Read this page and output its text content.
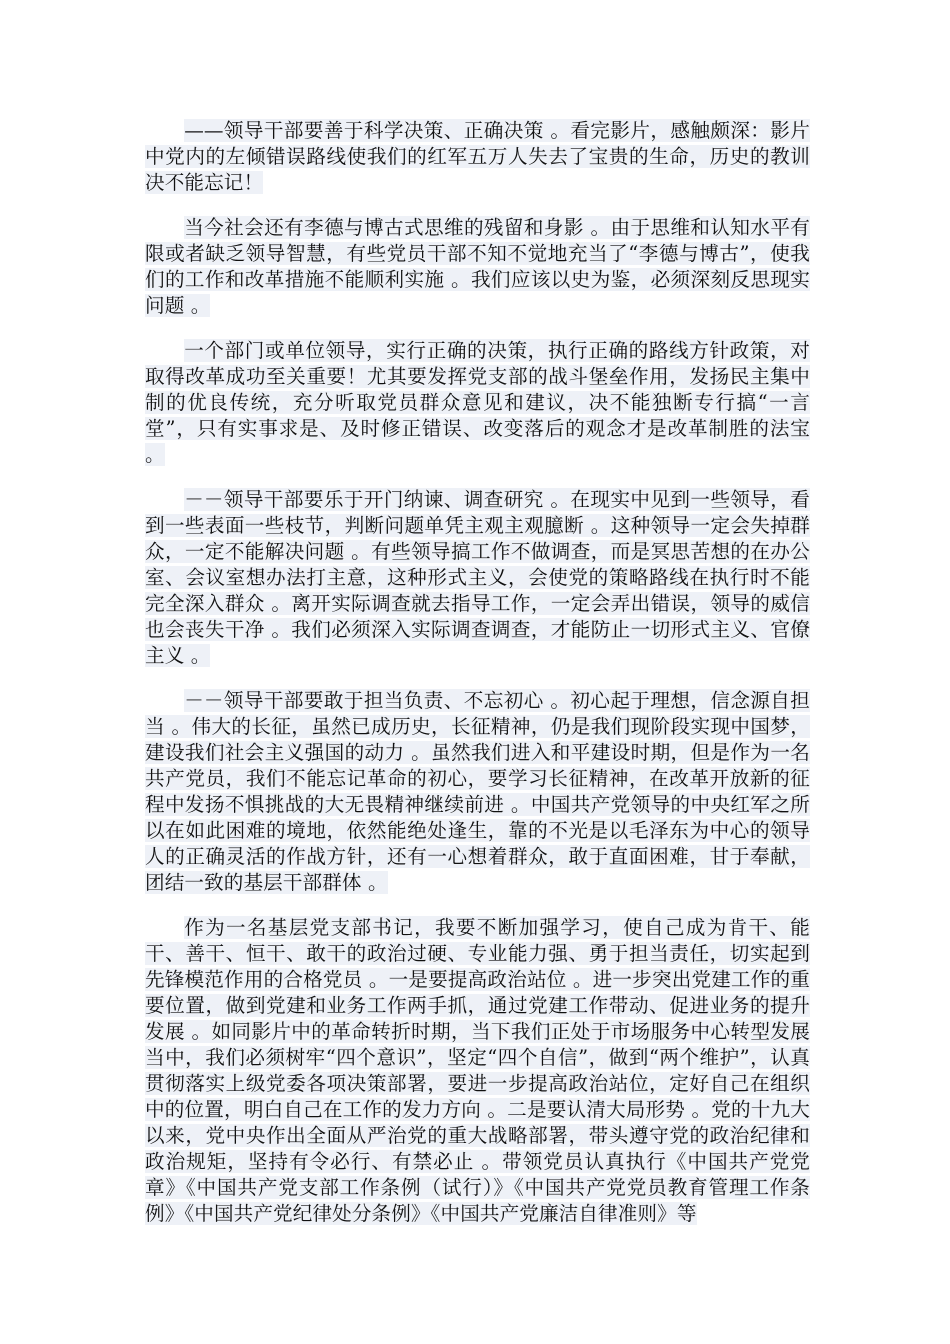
——领导干部要善于科学决策、正确决策 。看完影片，感触颇深：影片中党内的左倾错误路线使我们的红军五万人失去了宝贵的生命，历史的教训决不能忘记！

当今社会还有李德与博古式思维的残留和身影 。由于思维和认知水平有限或者缺乏领导智慧，有些党员干部不知不觉地充当了“李德与博古”，使我们的工作和改革措施不能顺利实施 。我们应该以史为鉴，必须深刻反思现实问题 。

一个部门或单位领导，实行正确的决策，执行正确的路线方针政策，对取得改革成功至关重要！尤其要发挥党支部的战斗堡垒作用，发扬民主集中制的优良传统，充分听取党员群众意见和建议，决不能独断专行搞“一言堂”，只有实事求是、及时修正错误、改变落后的观念才是改革制胜的法宝 。

－－领导干部要乐于开门纳谏、调查研究 。在现实中见到一些领导，看到一些表面一些枝节，判断问题单凭主观主观臆断 。这种领导一定会失掉群众，一定不能解决问题 。有些领导搞工作不做调查，而是冥思苦想的在办公室、会议室想办法打主意，这种形式主义，会使党的策略路线在执行时不能完全深入群众 。离开实际调查就去指导工作，一定会弄出错误，领导的威信也会丧失干净 。我们必须深入实际调查调查，才能防止一切形式主义、官僚主义 。

－－领导干部要敢于担当负责、不忘初心 。初心起于理想，信念源自担当 。伟大的长征，虽然已成历史，长征精神，仍是我们现阶段实现中国梦，建设我们社会主义强国的动力 。虽然我们进入和平建设时期，但是作为一名共产党员，我们不能忘记革命的初心，要学习长征精神，在改革开放新的征程中发扬不惧挑战的大无畏精神继续前进 。中国共产党领导的中央红军之所以在如此困难的境地，依然能绝处逢生，靠的不光是以毛泽东为中心的领导人的正确灵活的作战方针，还有一心想着群众，敢于直面困难，甘于奉献，团结一致的基层干部群体 。

作为一名基层党支部书记，我要不断加强学习，使自己成为肯干、能干、善干、恒干、敢干的政治过硬、专业能力强、勇于担当责任，切实起到先锋模范作用的合格党员 。一是要提高政治站位 。进一步突出党建工作的重要位置，做到党建和业务工作两手抓，通过党建工作带动、促进业务的提升发展 。如同影片中的革命转折时期，当下我们正处于市场服务中心转型发展当中，我们必须树牢“四个意识”，坚定“四个自信”，做到“两个维护”，认真贯彻落实上级党委各项决策部署，要进一步提高政治站位，定好自己在组织中的位置，明白自己在工作的发力方向 。二是要认清大局形势 。党的十九大以来，党中央作出全面从严治党的重大战略部署，带头遵守党的政治纪律和政治规矩，坚持有令必行、有禁必止 。带领党员认真执行《中国共产党党章》《中国共产党支部工作条例（试行）》《中国共产党党员教育管理工作条例》《中国共产党纪律处分条例》《中国共产党廉洁自律准则》等
